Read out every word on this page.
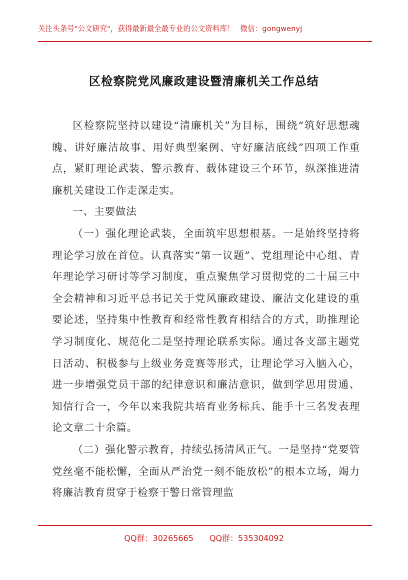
关注头条号"公文研究"，获得最新最全最专业的公文资料库！ 微信：gongwenyj
区检察院党风廉政建设暨清廉机关工作总结

区检察院坚持以建设“清廉机关”为目标，围绕“筑好思想魂魄、讲好廉洁故事、用好典型案例、守好廉洁底线”四项工作重点，紧盯理论武装、警示教育、载体建设三个环节，纵深推进清廉机关建设工作走深走实。

一、主要做法

（一）强化理论武装，全面筑牢思想根基。一是始终坚持将理论学习放在首位。认真落实“第一议题”、党组理论中心组、青年理论学习研讨等学习制度，重点聚焦学习贯彻党的二十届三中全会精神和习近平总书记关于党风廉政建设、廉洁文化建设的重要论述，坚持集中性教育和经常性教育相结合的方式，助推理论学习制度化、规范化二是坚持理论联系实际。通过各支部主题党日活动、积极参与上级业务竞赛等形式，让理论学习入脑入心，进一步增强党员干部的纪律意识和廉洁意识，做到学思用贯通、知信行合一，今年以来我院共培育业务标兵、能手十三名发表理论文章二十余篇。

（二）强化警示教育，持续弘扬清风正气。一是坚持“党要管党丝毫不能松懈，全面从严治党一刻不能放松”的根本立场，竭力将廉洁教育贯穿于检察干警日常管理监

QQ群：30265665 QQ群：535304092
